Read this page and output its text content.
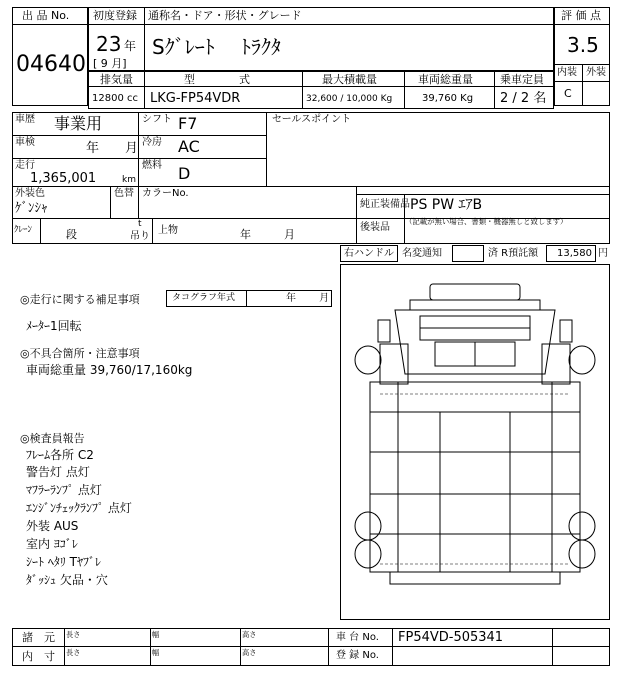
出 品 No.
04640
初度登録 通称名・ドア・形状・グレード
23 年
[ 9 月]
Sｸﾞﾚｰﾄ　 ﾄﾗｸﾀ
評 価 点
3.5
内装 外装
C
排気量	型　　　　式	最大積載量	車両総重量 乗車定員
12800 cc LKG-FP54VDR	32,600 / 10,000 Kg	39,760 Kg 2 / 2 名
車歴 事業用
車検	年　　月
走行
1,365,001	km
シフト F7
冷房 AC
燃料 D
セールスポイント
外装色
ｹﾞﾝｼｬ
色替 カラーNo.
純正装備品 PS PW ｴｱB
後装品 （記載が無い場合、書類・機器無しと致します）
ｸﾚｰﾝ	段
t
吊り
上物	年　　　月
右ハンドル 名変通知	済 R預託額 13,580 円
◎走行に関する補足事項	タコグラフ年式	年　　 月
ﾒｰﾀｰ1回転
◎不具合箇所・注意事項
車両総重量 39,760/17,160kg
◎検査員報告
ﾌﾚｰﾑ各所 C2
警告灯 点灯
ﾏﾌﾗｰﾗﾝﾌﾟ 点灯
ｴﾝｼﾞﾝﾁｪｯｸﾗﾝﾌﾟ 点灯
外装 AUS
室内 ﾖｺﾞﾚ
ｼｰﾄ ﾍﾀﾘ Tﾔﾌﾞﾚ
ﾀﾞｯｼｭ 欠品・穴
諸　元 長さ	幅	高さ
内　寸 長さ	幅	高さ
車 台 No. FP54VD-505341
登 録 No.
